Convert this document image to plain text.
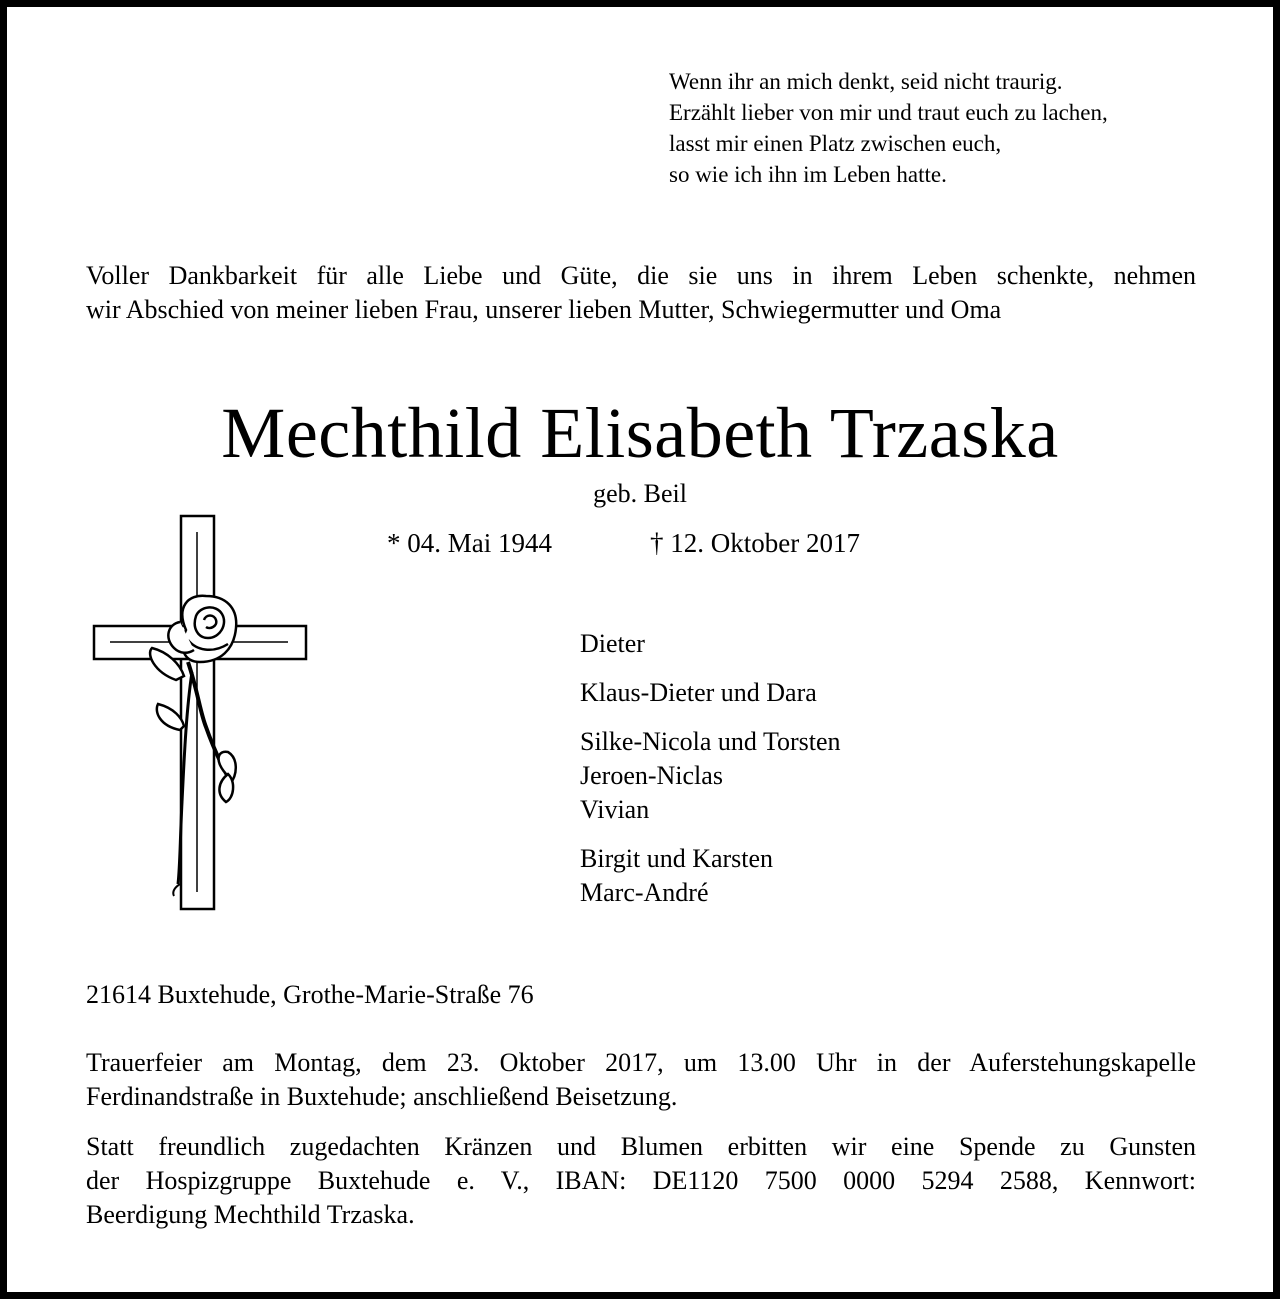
Wenn ihr an mich denkt, seid nicht traurig.
Erzählt lieber von mir und traut euch zu lachen,
lasst mir einen Platz zwischen euch,
so wie ich ihn im Leben hatte.
Voller Dankbarkeit für alle Liebe und Güte, die sie uns in ihrem Leben schenkte, nehmen
wir Abschied von meiner lieben Frau, unserer lieben Mutter, Schwiegermutter und Oma
Mechthild Elisabeth Trzaska
geb. Beil
* 04. Mai 1944	† 12. Oktober 2017
Dieter
Klaus-Dieter und Dara
Silke-Nicola und Torsten
Jeroen-Niclas
Vivian
Birgit und Karsten
Marc-André
21614 Buxtehude, Grothe-Marie-Straße 76
Trauerfeier am Montag, dem 23. Oktober 2017, um 13.00 Uhr in der Auferstehungskapelle
Ferdinandstraße in Buxtehude; anschließend Beisetzung.
Statt freundlich zugedachten Kränzen und Blumen erbitten wir eine Spende zu Gunsten
der Hospizgruppe Buxtehude e. V., IBAN: DE1120 7500 0000 5294 2588, Kennwort:
Beerdigung Mechthild Trzaska.
